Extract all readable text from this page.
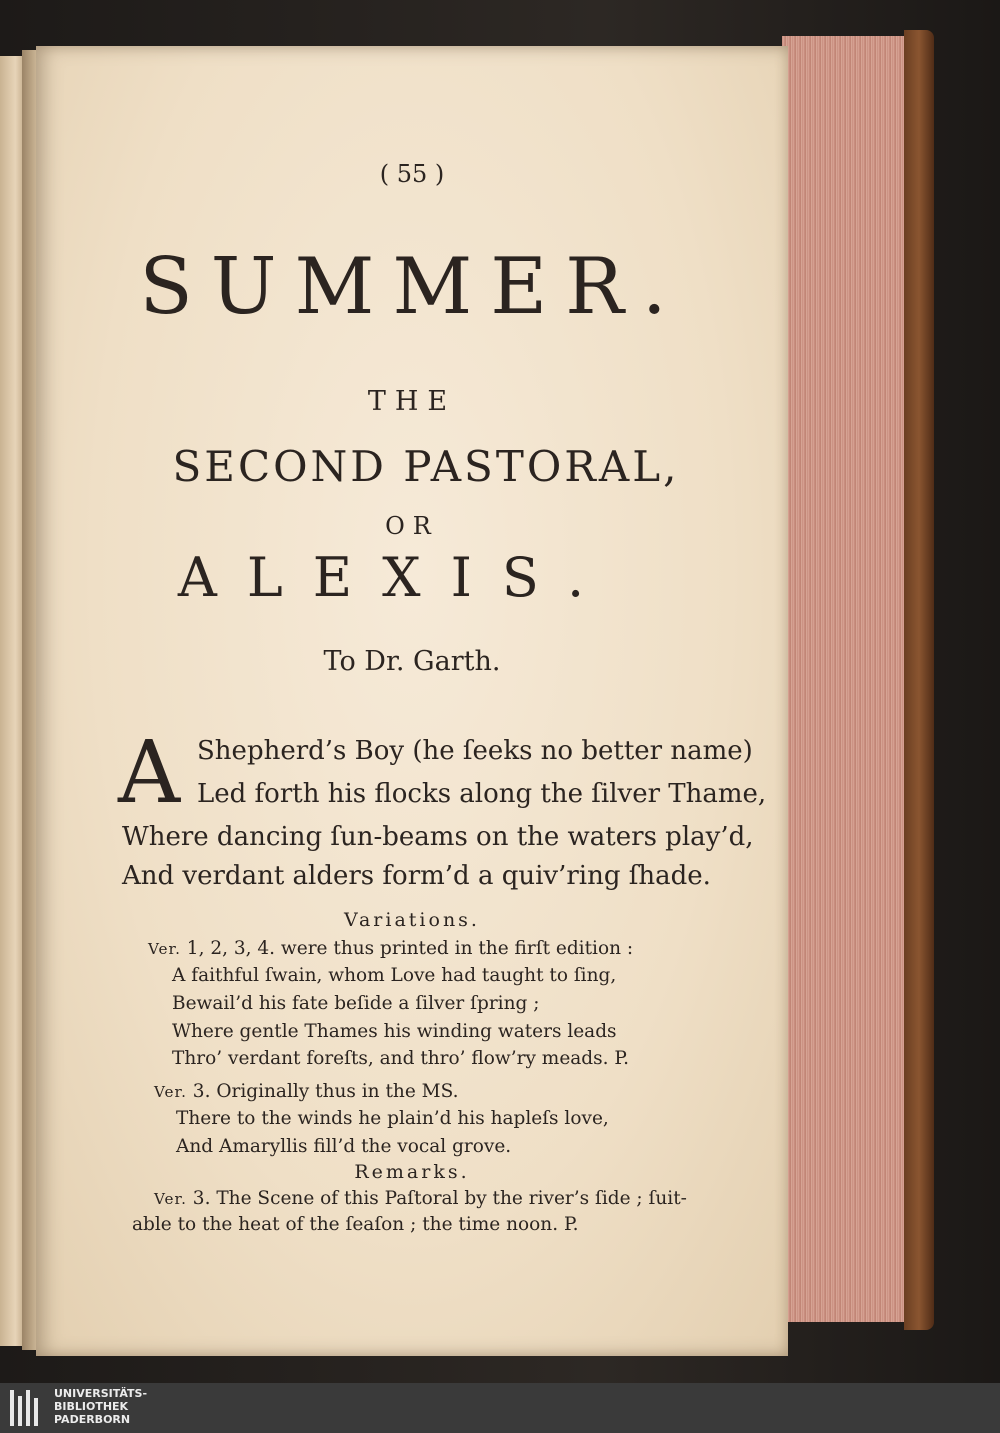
( 55 )
SUMMER.
THE
SECOND PASTORAL,
OR
ALEXIS.
To Dr. Garth.
A Shepherd’s Boy (he ſeeks no better name)
Led forth his flocks along the ſilver Thame,
Where dancing ſun-beams on the waters play’d,
And verdant alders form’d a quiv’ring ſhade.
Variations.
Ver. 1, 2, 3, 4. were thus printed in the firſt edition :
A faithful ſwain, whom Love had taught to ſing,
Bewail’d his fate beſide a ſilver ſpring ;
Where gentle Thames his winding waters leads
Thro’ verdant foreſts, and thro’ flow’ry meads. P.
Ver. 3. Originally thus in the MS.
There to the winds he plain’d his hapleſs love,
And Amaryllis fill’d the vocal grove.
Remarks.
Ver. 3. The Scene of this Paſtoral by the river’s ſide ; ſuit-
able to the heat of the ſeaſon ; the time noon. P.
UNIVERSITÄTS-
BIBLIOTHEK
PADERBORN
